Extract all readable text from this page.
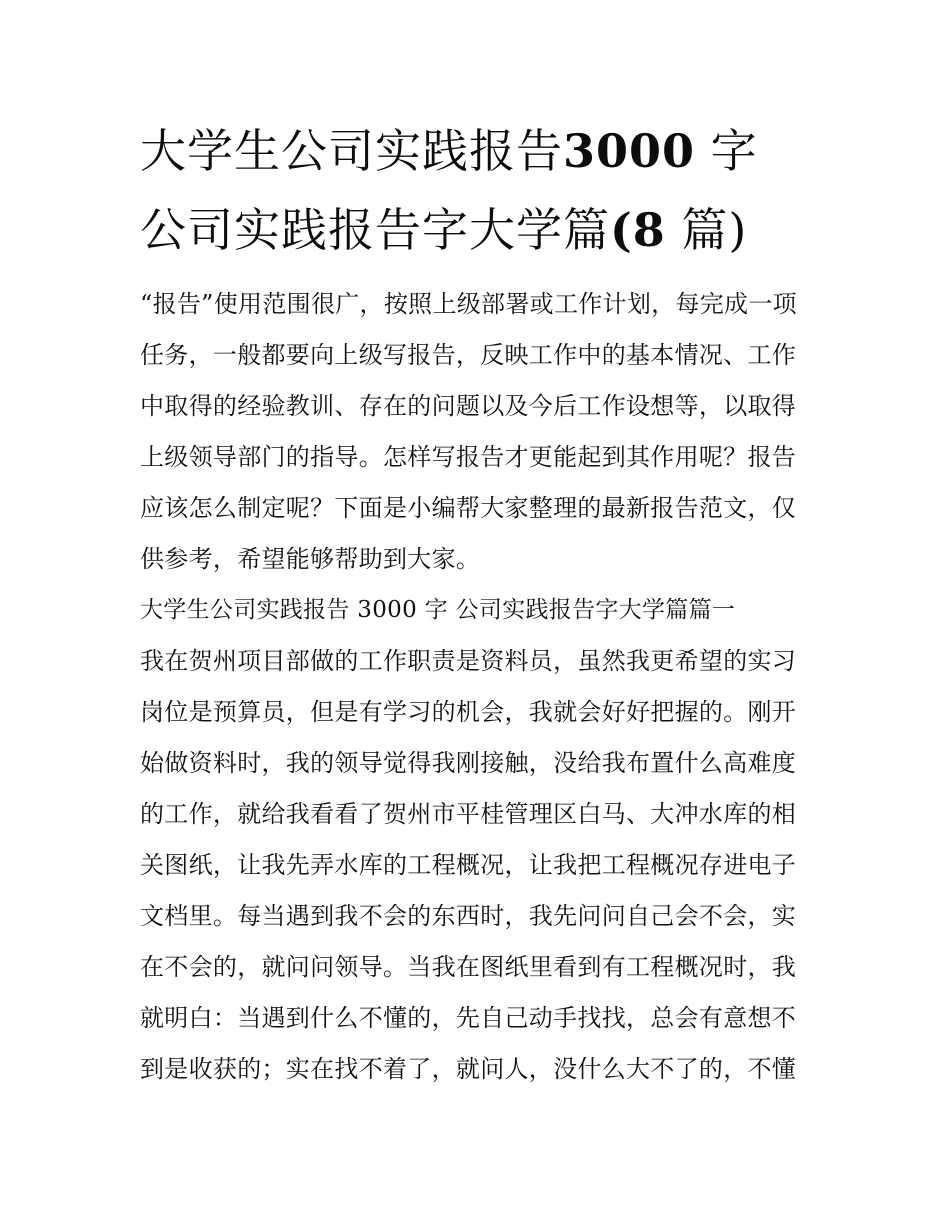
大学生公司实践报告3000 字
公司实践报告字大学篇(8 篇)
“报告”使用范围很广，按照上级部署或工作计划，每完成一项
任务，一般都要向上级写报告，反映工作中的基本情况、工作
中取得的经验教训、存在的问题以及今后工作设想等，以取得
上级领导部门的指导。怎样写报告才更能起到其作用呢？报告
应该怎么制定呢？下面是小编帮大家整理的最新报告范文，仅
供参考，希望能够帮助到大家。
大学生公司实践报告 3000 字 公司实践报告字大学篇篇一
我在贺州项目部做的工作职责是资料员，虽然我更希望的实习
岗位是预算员，但是有学习的机会，我就会好好把握的。刚开
始做资料时，我的领导觉得我刚接触，没给我布置什么高难度
的工作，就给我看看了贺州市平桂管理区白马、大冲水库的相
关图纸，让我先弄水库的工程概况，让我把工程概况存进电子
文档里。每当遇到我不会的东西时，我先问问自己会不会，实
在不会的，就问问领导。当我在图纸里看到有工程概况时，我
就明白：当遇到什么不懂的，先自己动手找找，总会有意想不
到是收获的；实在找不着了，就问人，没什么大不了的，不懂
